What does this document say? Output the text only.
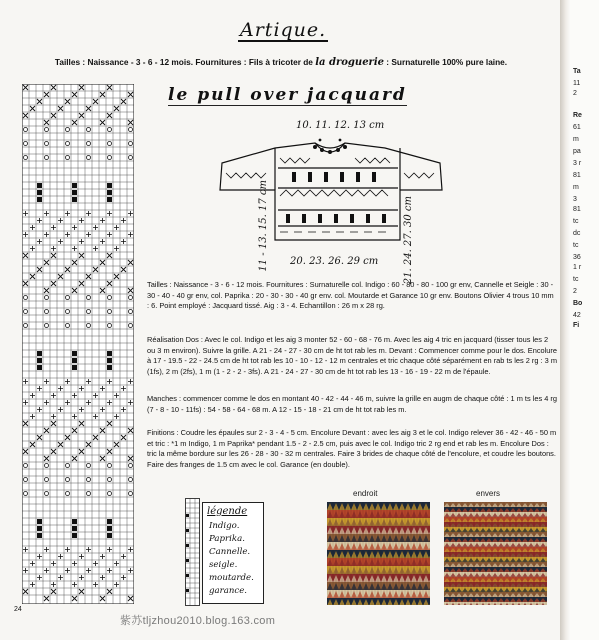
Artique.
Tailles : Naissance - 3 - 6 - 12 mois. Fournitures : Fils à tricoter de la droguerie : Surnaturelle 100% pure laine.
le pull over jacquard
10. 11. 12. 13 cm
20. 23. 26. 29 cm
11 - 13. 15. 17 cm	21. 24. 27. 30 cm

Tailles : Naissance - 3 - 6 - 12 mois. Fournitures : Surnaturelle col. Indigo : 60 - 80 - 80 - 100 gr env, Cannelle et Seigle : 30 - 30 - 40 - 40 gr env, col. Paprika : 20 - 30 - 30 - 40 gr env. col. Moutarde et Garance 10 gr env. Boutons Olivier 4 trous 10 mm : 6. Point employé : Jacquard tissé. Aig : 3 - 4. Echantillon : 26 m x 28 rg.

Réalisation Dos : Avec le col. Indigo et les aig 3 monter 52 - 60 - 68 - 76 m. Avec les aig 4 tric en jacquard (tisser tous les 2 ou 3 m environ). Suivre la grille. A 21 - 24 - 27 - 30 cm de ht tot rab les m. Devant : Commencer comme pour le dos. Encolure à 17 - 19.5 - 22 - 24.5 cm de ht tot rab les 10 - 10 - 12 - 12 m centrales et tric chaque côté séparément en rab ts les 2 rg : 3 m (1fs), 2 m (2fs), 1 m (1 - 2 - 2 - 3fs). A 21 - 24 - 27 - 30 cm de ht tot rab les 13 - 16 - 19 - 22 m de l'épaule.

Manches : commencer comme le dos en montant 40 - 42 - 44 - 46 m, suivre la grille en augm de chaque côté : 1 m ts les 4 rg (7 - 8 - 10 - 11fs) : 54 - 58 - 64 - 68 m. A 12 - 15 - 18 - 21 cm de ht tot rab les m.

Finitions : Coudre les épaules sur 2 - 3 - 4 - 5 cm. Encolure Devant : avec les aig 3 et le col. Indigo relever 36 - 42 - 46 - 50 m et tric : *1 m Indigo, 1 m Paprika* pendant 1.5 - 2 - 2.5 cm, puis avec le col. Indigo tric 2 rg end et rab les m. Encolure Dos : tric la même bordure sur les 26 - 28 - 30 - 32 m centrales. Faire 3 brides de chaque côté de l'encolure, et coudre les boutons. Faire des franges de 1.5 cm avec le col. Garance (en double).

légende
Indigo.
Paprika.
Cannelle.
seigle.
moutarde.
garance.
endroit	envers
24
紫苏tljzhou2010.blog.163.com
Ta
11
2
Re
61
m
pa
3 r
81
m
3
81
tc
dc
tc
36
1 r
tc
2
Bo
42
Fi
